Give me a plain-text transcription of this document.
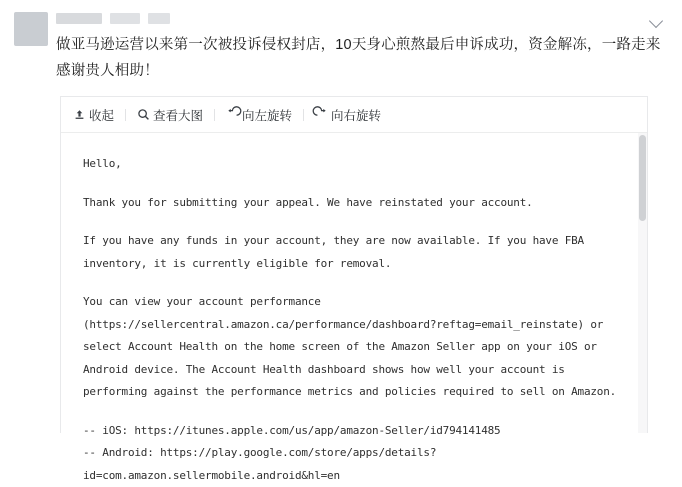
做亚马逊运营以来第一次被投诉侵权封店，10天身心煎熬最后申诉成功，资金解冻，一路走来感谢贵人相助！
收起	查看大图	向左旋转	向右旋转

Hello,

Thank you for submitting your appeal. We have reinstated your account.

If you have any funds in your account, they are now available. If you have FBA inventory, it is currently eligible for removal.

You can view your account performance (https://sellercentral.amazon.ca/performance/dashboard?reftag=email_reinstate) or select Account Health on the home screen of the Amazon Seller app on your iOS or Android device. The Account Health dashboard shows how well your account is performing against the performance metrics and policies required to sell on Amazon.

-- iOS: https://itunes.apple.com/us/app/amazon-Seller/id794141485

-- Android: https://play.google.com/store/apps/details?id=com.amazon.sellermobile.android&hl=en
